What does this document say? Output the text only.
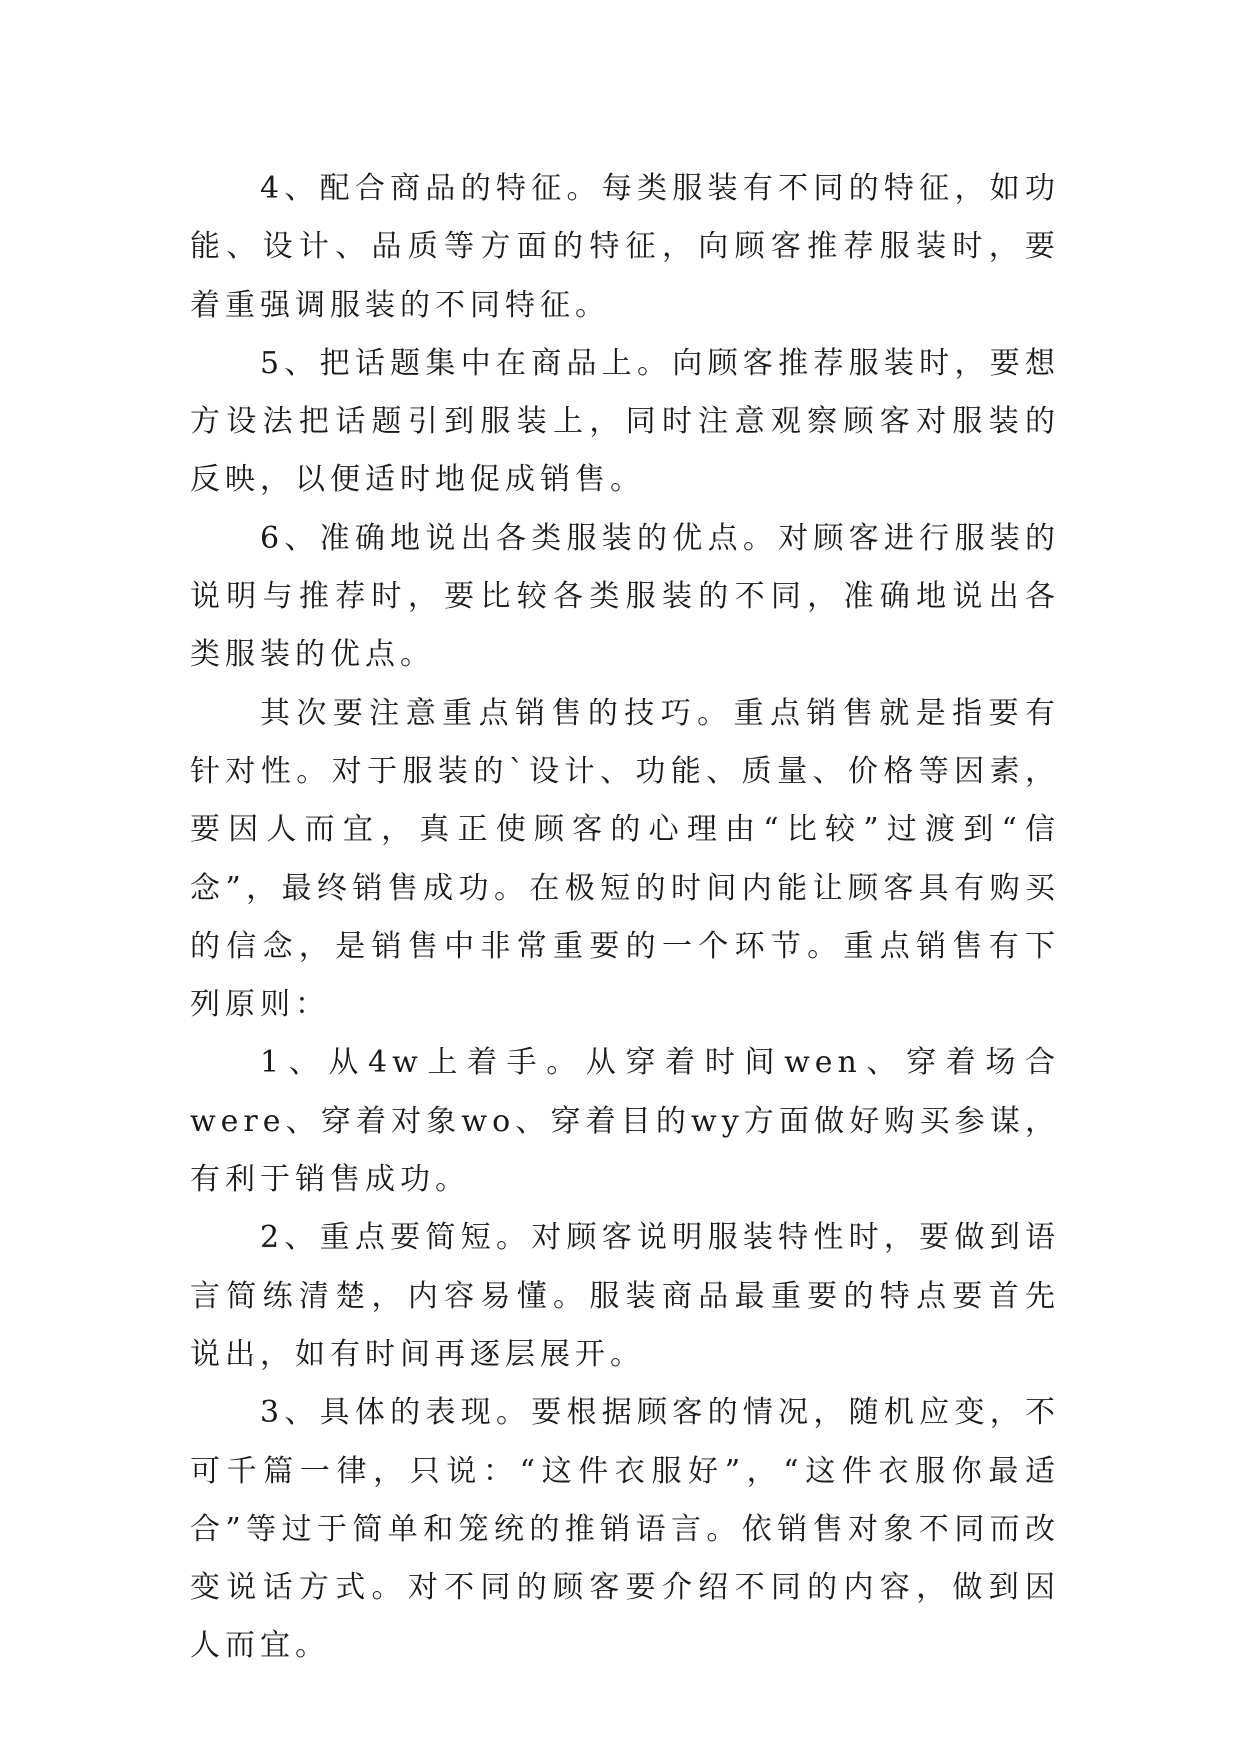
4、配合商品的特征。每类服装有不同的特征，如功能、设计、品质等方面的特征，向顾客推荐服装时，要着重强调服装的不同特征。

5、把话题集中在商品上。向顾客推荐服装时，要想方设法把话题引到服装上，同时注意观察顾客对服装的反映，以便适时地促成销售。

6、准确地说出各类服装的优点。对顾客进行服装的说明与推荐时，要比较各类服装的不同，准确地说出各类服装的优点。

其次要注意重点销售的技巧。重点销售就是指要有针对性。对于服装的`设计、功能、质量、价格等因素，要因人而宜，真正使顾客的心理由“比较”过渡到“信念”，最终销售成功。在极短的时间内能让顾客具有购买的信念，是销售中非常重要的一个环节。重点销售有下列原则：

1、从4w上着手。从穿着时间wen、穿着场合were、穿着对象wo、穿着目的wy方面做好购买参谋，有利于销售成功。

2、重点要简短。对顾客说明服装特性时，要做到语言简练清楚，内容易懂。服装商品最重要的特点要首先说出，如有时间再逐层展开。

3、具体的表现。要根据顾客的情况，随机应变，不可千篇一律，只说：“这件衣服好”，“这件衣服你最适合”等过于简单和笼统的推销语言。依销售对象不同而改变说话方式。对不同的顾客要介绍不同的内容，做到因人而宜。
